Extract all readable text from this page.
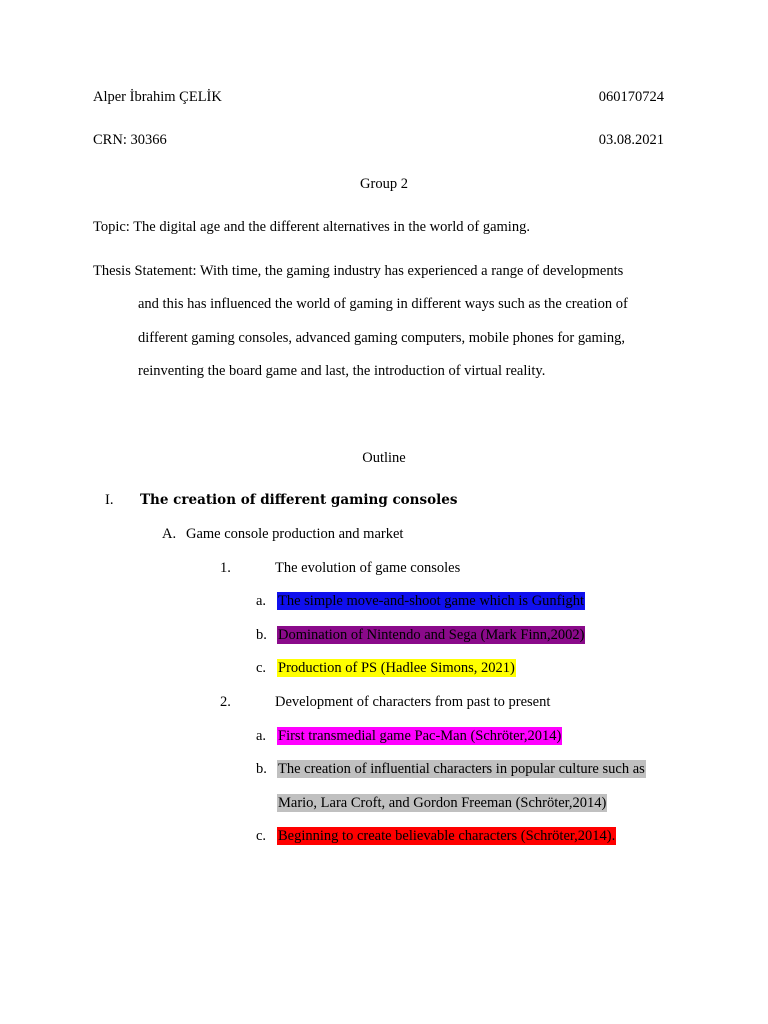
Alper İbrahim ÇELİK	060170724
CRN: 30366	03.08.2021
Group 2
Topic: The digital age and the different alternatives in the world of gaming.
Thesis Statement: With time, the gaming industry has experienced a range of developments
and this has influenced the world of gaming in different ways such as the creation of
different gaming consoles, advanced gaming computers, mobile phones for gaming,
reinventing the board game and last, the introduction of virtual reality.
Outline
I. The creation of different gaming consoles
A. Game console production and market
1.	The evolution of game consoles
a. The simple move-and-shoot game which is Gunfight
b. Domination of Nintendo and Sega (Mark Finn,2002)
c. Production of PS (Hadlee Simons, 2021)
2.	Development of characters from past to present
a. First transmedial game Pac-Man (Schröter,2014)
b. The creation of influential characters in popular culture such as
Mario, Lara Croft, and Gordon Freeman (Schröter,2014)
c. Beginning to create believable characters (Schröter,2014).
